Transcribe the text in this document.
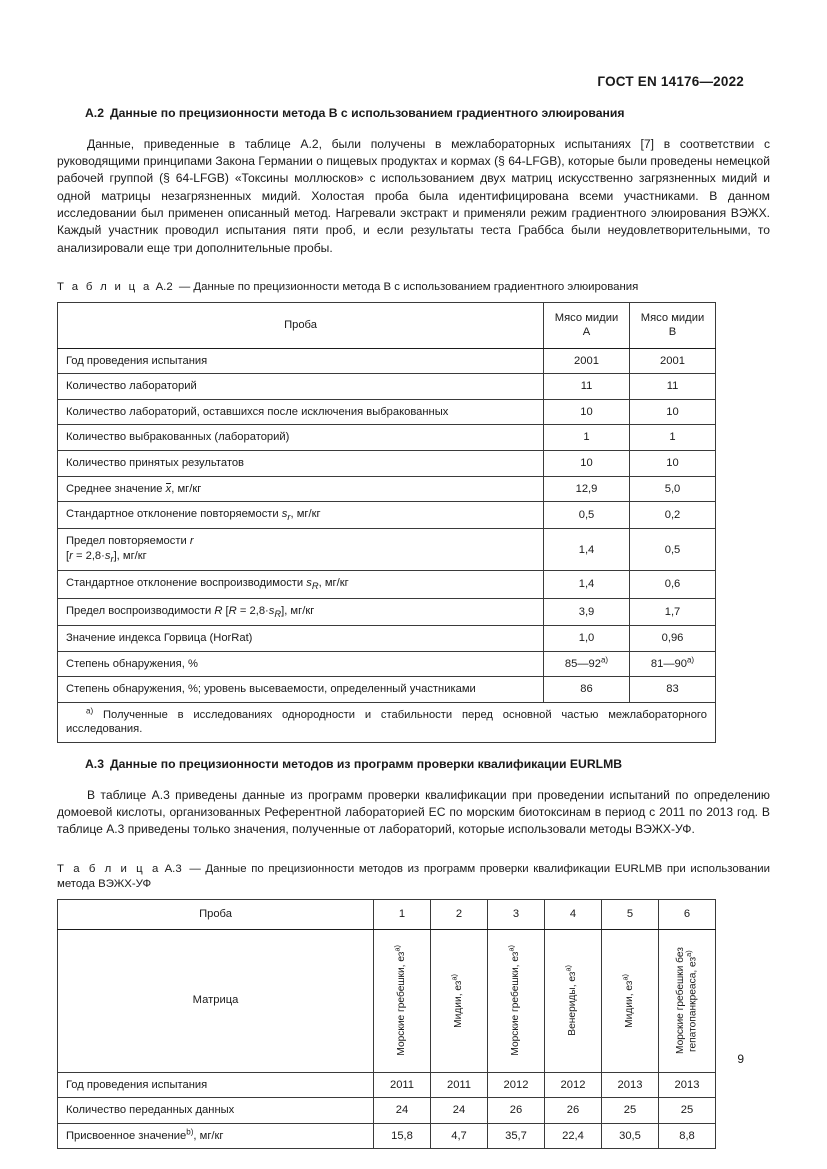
ГОСТ EN 14176—2022
А.2 Данные по прецизионности метода B с использованием градиентного элюирования

Данные, приведенные в таблице А.2, были получены в межлабораторных испытаниях [7] в соответствии с руководящими принципами Закона Германии о пищевых продуктах и кормах (§ 64-LFGB), которые были проведены немецкой рабочей группой (§ 64-LFGB) «Токсины моллюсков» с использованием двух матриц искусственно загрязненных мидий и одной матрицы незагрязненных мидий. Холостая проба была идентифицирована всеми участниками. В данном исследовании был применен описанный метод. Нагревали экстракт и применяли режим градиентного элюирования ВЭЖХ. Каждый участник проводил испытания пяти проб, и если результаты теста Граббса были неудовлетворительными, то анализировали еще три дополнительные пробы.

Т а б л и ц а А.2 — Данные по прецизионности метода B с использованием градиентного элюирования
Проба	Мясо мидии А	Мясо мидии В
Год проведения испытания	2001	2001
Количество лабораторий	11	11
Количество лабораторий, оставшихся после исключения выбракованных	10	10
Количество выбракованных (лабораторий)	1	1
Количество принятых результатов	10	10
Среднее значение x, мг/кг	12,9	5,0
Стандартное отклонение повторяемости $s_r$, мг/кг	0,5	0,2
Предел повторяемости r
$[r = 2,8\cdot s_r]$, мг/кг	1,4	0,5
Стандартное отклонение воспроизводимости $s_R$, мг/кг	1,4	0,6
Предел воспроизводимости R $[R = 2,8\cdot s_R]$, мг/кг	3,9	1,7
Значение индекса Горвица (HorRat)	1,0	0,96
Степень обнаружения, %	$85—92^{а)}$	$81—90^{а)}$
Степень обнаружения, %; уровень высеваемости, определенный участниками	86	83
$^{а)}$ Полученные в исследованиях однородности и стабильности перед основной частью межлабораторного исследования.		
А.3 Данные по прецизионности методов из программ проверки квалификации EURLMB

В таблице А.3 приведены данные из программ проверки квалификации при проведении испытаний по определению домоевой кислоты, организованных Референтной лабораторией ЕС по морским биотоксинам в период с 2011 по 2013 год. В таблице А.3 приведены только значения, полученные от лабораторий, которые использовали методы ВЭЖХ-УФ.

Т а б л и ц а А.3 — Данные по прецизионности методов из программ проверки квалификации EURLMB при использовании метода ВЭЖХ-УФ
Проба	1	2	3	4	5	6
Матрица	Морские гребешки, $ез^{а)}$	Мидии, $ез^{а)}$	Морские гребешки, $ез^{а)}$	Венериды, $ез^{а)}$	Мидии, $ез^{а)}$	Морские гребешки без гепатопанкреаса, $ез^{а)}$

Год проведения испытания	2011	2011	2012	2012	2013	2013
Количество переданных данных	24	24	26	26	25	25
Присвоенное значение$^{b)}$, мг/кг	15,8	4,7	35,7	22,4	30,5	8,8
9
